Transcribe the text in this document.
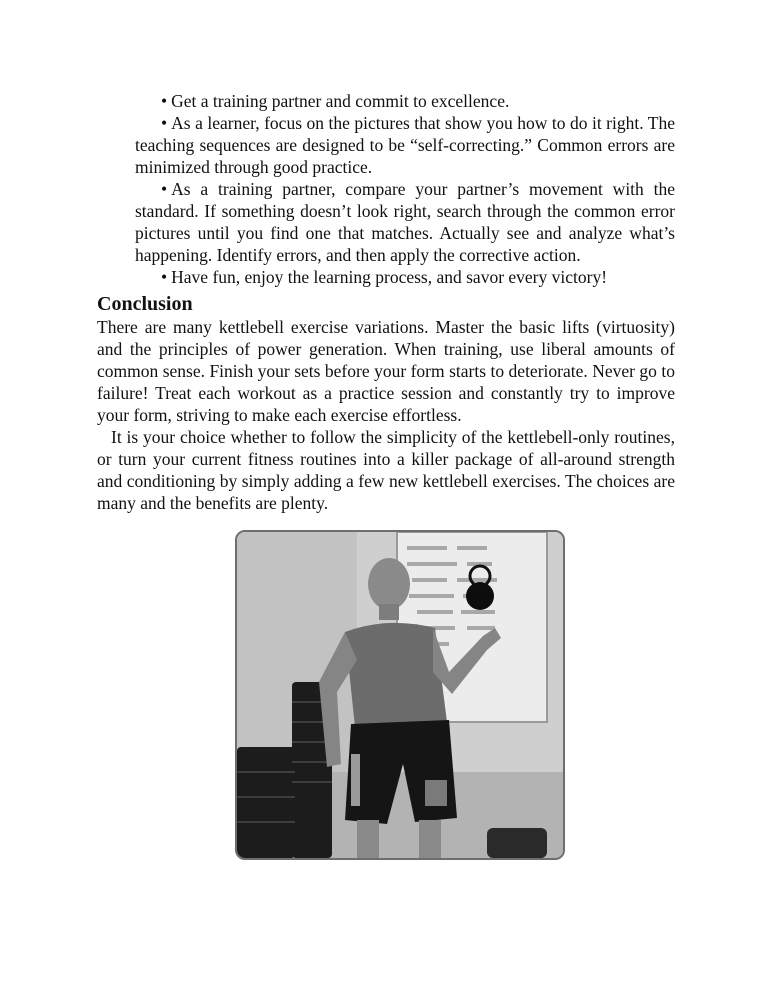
• Get a training partner and commit to excellence.

• As a learner, focus on the pictures that show you how to do it right. The teaching sequences are designed to be “self-correcting.” Common errors are minimized through good practice.

• As a training partner, compare your partner’s movement with the standard. If something doesn’t look right, search through the common error pictures until you find one that matches. Actually see and analyze what’s happening. Identify errors, and then apply the corrective action.

• Have fun, enjoy the learning process, and savor every victory!

Conclusion

There are many kettlebell exercise variations. Master the basic lifts (virtuosity) and the principles of power generation. When training, use liberal amounts of common sense. Finish your sets before your form starts to deteriorate. Never go to failure! Treat each workout as a practice session and constantly try to improve your form, striving to make each exercise effortless.

It is your choice whether to follow the simplicity of the kettlebell-only routines, or turn your current fitness routines into a killer package of all-around strength and conditioning by simply adding a few new kettlebell exercises. The choices are many and the benefits are plenty.
